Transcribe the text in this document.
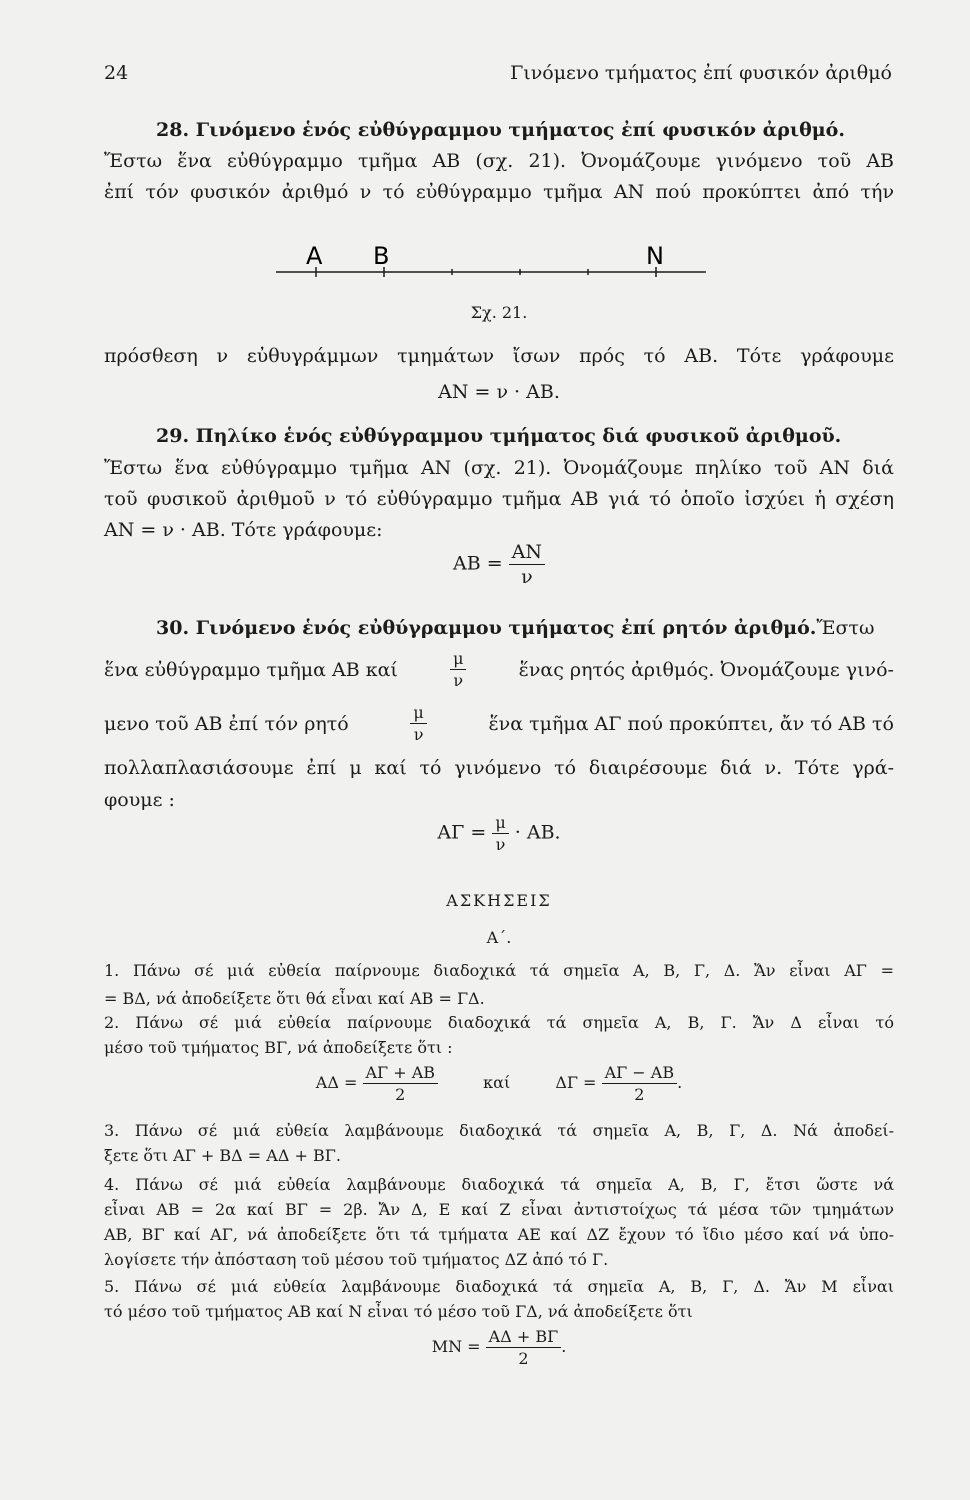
24	Γινόμενο τμήματος ἐπί φυσικόν ἀριθμό
28. Γινόμενο ἑνός εὐθύγραμμου τμήματος ἐπί φυσικόν ἀριθμό.
Ἔστω ἕνα εὐθύγραμμο τμῆμα ΑΒ (σχ. 21). Ὀνομάζουμε γινόμενο τοῦ ΑΒ
ἐπί τόν φυσικόν ἀριθμό ν τό εὐθύγραμμο τμῆμα ΑΝ πού προκύπτει ἀπό τήν
A B	N
Σχ. 21.
πρόσθεση ν εὐθυγράμμων τμημάτων ἴσων πρός τό ΑΒ. Τότε γράφουμε
ΑΝ = ν · ΑΒ.
29. Πηλίκο ἑνός εὐθύγραμμου τμήματος διά φυσικοῦ ἀριθμοῦ.
Ἔστω ἕνα εὐθύγραμμο τμῆμα ΑΝ (σχ. 21). Ὀνομάζουμε πηλίκο τοῦ ΑΝ διά
τοῦ φυσικοῦ ἀριθμοῦ ν τό εὐθύγραμμο τμῆμα ΑΒ γιά τό ὁποῖο ἰσχύει ἡ σχέση
ΑΝ = ν · ΑΒ. Τότε γράφουμε:
$AB = \frac{AN}{\nu}$
30. Γινόμενο ἑνός εὐθύγραμμου τμήματος ἐπί ρητόν ἀριθμό.Ἔστω
ἕνα εὐθύγραμμο τμῆμα ΑΒ καί	$\frac{\mu}{\nu}$	ἕνας ρητός ἀριθμός. Ὀνομάζουμε γινό-
μενο τοῦ ΑΒ ἐπί τόν ρητό	$\frac{\mu}{\nu}$	ἕνα τμῆμα ΑΓ πού προκύπτει, ἄν τό ΑΒ τό
πολλαπλασιάσουμε ἐπί μ καί τό γινόμενο τό διαιρέσουμε διά ν. Τότε γρά-
φουμε :
$A\Gamma = \frac{\mu}{\nu} \cdot AB$.
ΑΣΚΗΣΕΙΣ
Α΄.
1. Πάνω σέ μιά εὐθεία παίρνουμε διαδοχικά τά σημεῖα Α, Β, Γ, Δ. Ἄν εἶναι ΑΓ =
= ΒΔ, νά ἀποδείξετε ὅτι θά εἶναι καί ΑΒ = ΓΔ.
2. Πάνω σέ μιά εὐθεία παίρνουμε διαδοχικά τά σημεῖα Α, Β, Γ. Ἄν Δ εἶναι τό
μέσο τοῦ τμήματος ΒΓ, νά ἀποδείξετε ὅτι :
$A\Delta = \frac{A\Gamma + AB}{2}$	καί	$\Delta\Gamma = \frac{A\Gamma - AB}{2}$ .
3. Πάνω σέ μιά εὐθεία λαμβάνουμε διαδοχικά τά σημεῖα Α, Β, Γ, Δ. Νά ἀποδεί-
ξετε ὅτι ΑΓ + ΒΔ = ΑΔ + ΒΓ.
4. Πάνω σέ μιά εὐθεία λαμβάνουμε διαδοχικά τά σημεῖα Α, Β, Γ, ἔτσι ὥστε νά
εἶναι ΑΒ = 2α καί ΒΓ = 2β. Ἄν Δ, Ε καί Ζ εἶναι ἀντιστοίχως τά μέσα τῶν τμημάτων
ΑΒ, ΒΓ καί ΑΓ, νά ἀποδείξετε ὅτι τά τμήματα ΑΕ καί ΔΖ ἔχουν τό ἴδιο μέσο καί νά ὑπο-
λογίσετε τήν ἀπόσταση τοῦ μέσου τοῦ τμήματος ΔΖ ἀπό τό Γ.
5. Πάνω σέ μιά εὐθεία λαμβάνουμε διαδοχικά τά σημεῖα Α, Β, Γ, Δ. Ἄν Μ εἶναι
τό μέσο τοῦ τμήματος ΑΒ καί Ν εἶναι τό μέσο τοῦ ΓΔ, νά ἀποδείξετε ὅτι
$MN = \frac{A\Delta + B\Gamma}{2}$ .
